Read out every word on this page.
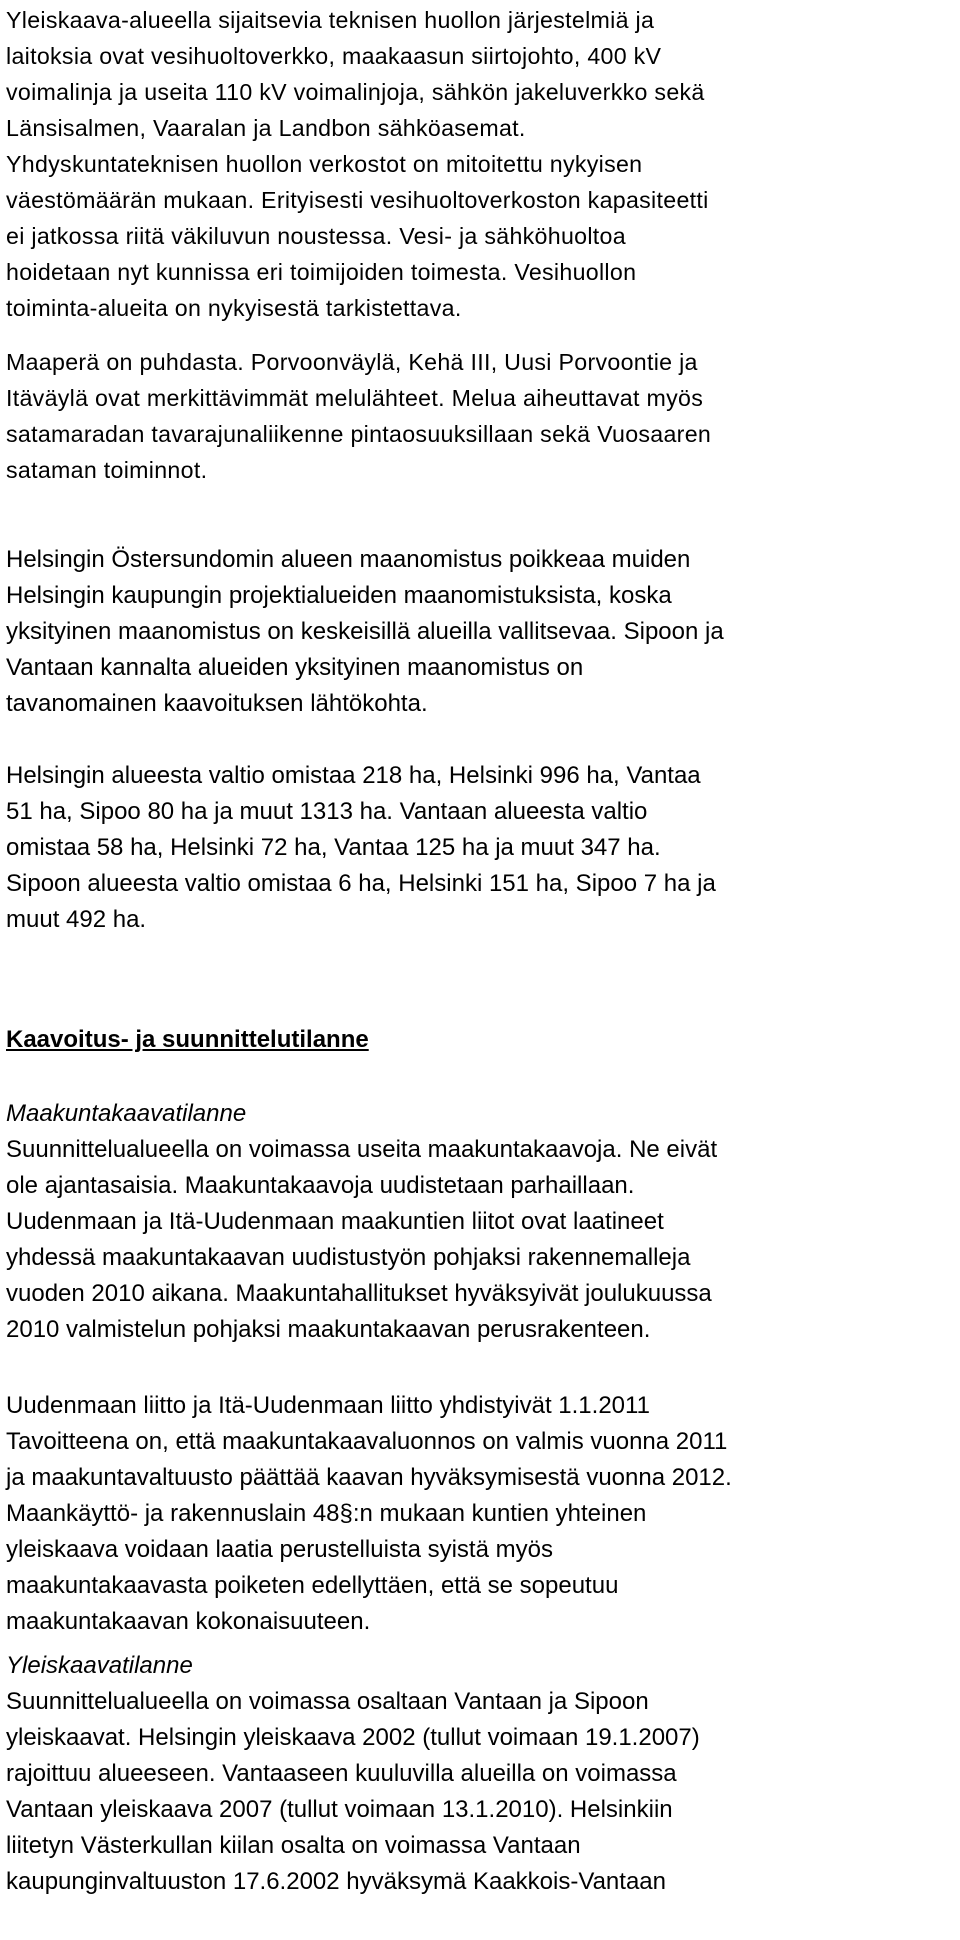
Yleiskaava-alueella sijaitsevia teknisen huollon järjestelmiä ja
laitoksia ovat vesihuoltoverkko, maakaasun siirtojohto, 400 kV
voimalinja ja useita 110 kV voimalinjoja, sähkön jakeluverkko sekä
Länsisalmen, Vaaralan ja Landbon sähköasemat.
Yhdyskuntateknisen huollon verkostot on mitoitettu nykyisen
väestömäärän mukaan. Erityisesti vesihuoltoverkoston kapasiteetti
ei jatkossa riitä väkiluvun noustessa. Vesi- ja sähköhuoltoa
hoidetaan nyt kunnissa eri toimijoiden toimesta. Vesihuollon
toiminta-alueita on nykyisestä tarkistettava.

Maaperä on puhdasta. Porvoonväylä, Kehä III, Uusi Porvoontie ja
Itäväylä ovat merkittävimmät melulähteet. Melua aiheuttavat myös
satamaradan tavarajunaliikenne pintaosuuksillaan sekä Vuosaaren
sataman toiminnot.

Helsingin Östersundomin alueen maanomistus poikkeaa muiden
Helsingin kaupungin projektialueiden maanomistuksista, koska
yksityinen maanomistus on keskeisillä alueilla vallitsevaa. Sipoon ja
Vantaan kannalta alueiden yksityinen maanomistus on
tavanomainen kaavoituksen lähtökohta.

Helsingin alueesta valtio omistaa 218 ha, Helsinki 996 ha, Vantaa
51 ha, Sipoo 80 ha ja muut 1313 ha. Vantaan alueesta valtio
omistaa 58 ha, Helsinki 72 ha, Vantaa 125 ha ja muut 347 ha.
Sipoon alueesta valtio omistaa 6 ha, Helsinki 151 ha, Sipoo 7 ha ja
muut 492 ha.

Kaavoitus- ja suunnittelutilanne

Maakuntakaavatilanne

Suunnittelualueella on voimassa useita maakuntakaavoja. Ne eivät
ole ajantasaisia. Maakuntakaavoja uudistetaan parhaillaan.
Uudenmaan ja Itä-Uudenmaan maakuntien liitot ovat laatineet
yhdessä maakuntakaavan uudistustyön pohjaksi rakennemalleja
vuoden 2010 aikana. Maakuntahallitukset hyväksyivät joulukuussa
2010 valmistelun pohjaksi maakuntakaavan perusrakenteen.

Uudenmaan liitto ja Itä-Uudenmaan liitto yhdistyivät 1.1.2011
Tavoitteena on, että maakuntakaavaluonnos on valmis vuonna 2011
ja maakuntavaltuusto päättää kaavan hyväksymisestä vuonna 2012.
Maankäyttö- ja rakennuslain 48§:n mukaan kuntien yhteinen
yleiskaava voidaan laatia perustelluista syistä myös
maakuntakaavasta poiketen edellyttäen, että se sopeutuu
maakuntakaavan kokonaisuuteen.

Yleiskaavatilanne

Suunnittelualueella on voimassa osaltaan Vantaan ja Sipoon
yleiskaavat. Helsingin yleiskaava 2002 (tullut voimaan 19.1.2007)
rajoittuu alueeseen. Vantaaseen kuuluvilla alueilla on voimassa
Vantaan yleiskaava 2007 (tullut voimaan 13.1.2010). Helsinkiin
liitetyn Västerkullan kiilan osalta on voimassa Vantaan
kaupunginvaltuuston 17.6.2002 hyväksymä Kaakkois-Vantaan
